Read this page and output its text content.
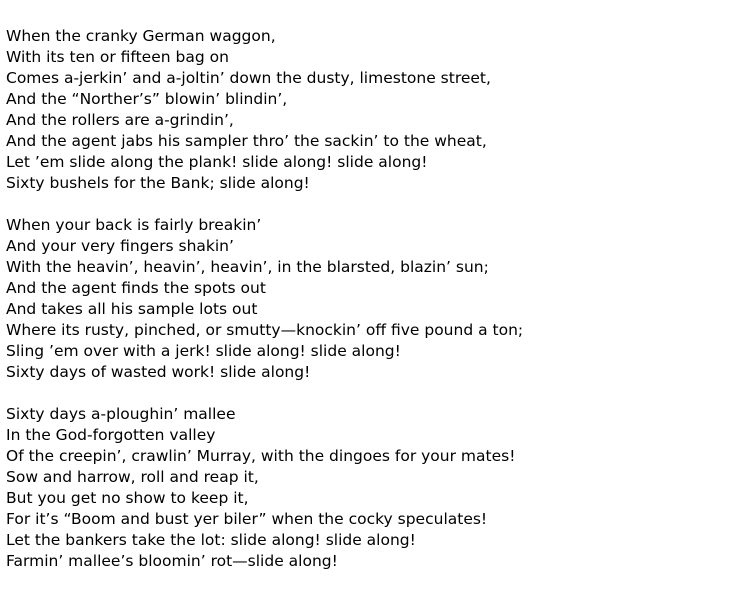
When the cranky German waggon,
With its ten or fifteen bag on
Comes a-jerkin’ and a-joltin’ down the dusty, limestone street,
And the “Norther’s” blowin’ blindin’,
And the rollers are a-grindin’,
And the agent jabs his sampler thro’ the sackin’ to the wheat,
Let ’em slide along the plank! slide along! slide along!
Sixty bushels for the Bank; slide along!
When your back is fairly breakin’
And your very fingers shakin’
With the heavin’, heavin’, heavin’, in the blarsted, blazin’ sun;
And the agent finds the spots out
And takes all his sample lots out
Where its rusty, pinched, or smutty—knockin’ off five pound a ton;
Sling ’em over with a jerk! slide along! slide along!
Sixty days of wasted work! slide along!
Sixty days a-ploughin’ mallee
In the God-forgotten valley
Of the creepin’, crawlin’ Murray, with the dingoes for your mates!
Sow and harrow, roll and reap it,
But you get no show to keep it,
For it’s “Boom and bust yer biler” when the cocky speculates!
Let the bankers take the lot: slide along! slide along!
Farmin’ mallee’s bloomin’ rot—slide along!
